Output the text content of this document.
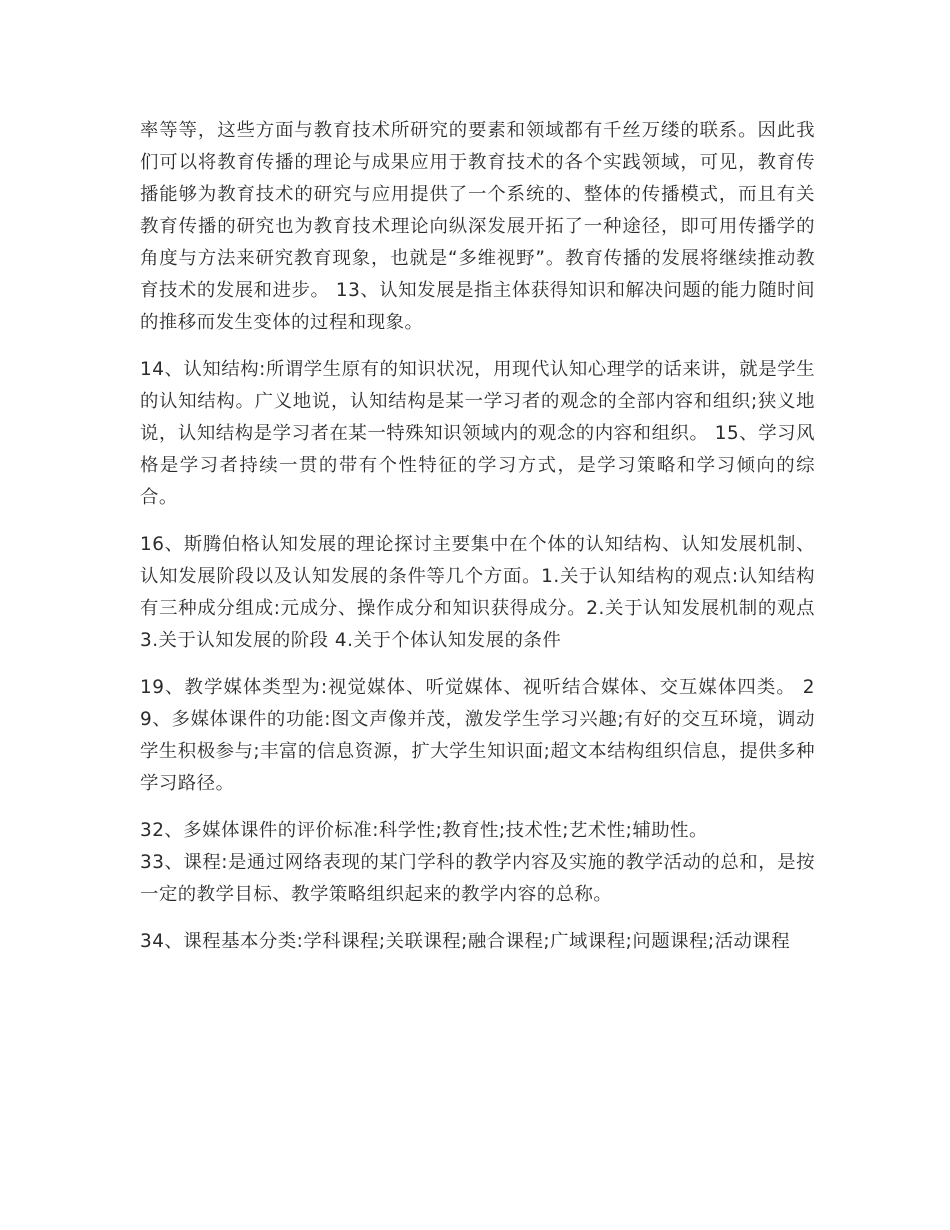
率等等，这些方面与教育技术所研究的要素和领域都有千丝万缕的联系。因此我们可以将教育传播的理论与成果应用于教育技术的各个实践领域，可见，教育传播能够为教育技术的研究与应用提供了一个系统的、整体的传播模式，而且有关教育传播的研究也为教育技术理论向纵深发展开拓了一种途径，即可用传播学的角度与方法来研究教育现象，也就是“多维视野”。教育传播的发展将继续推动教育技术的发展和进步。 13、认知发展是指主体获得知识和解决问题的能力随时间的推移而发生变体的过程和现象。

14、认知结构:所谓学生原有的知识状况，用现代认知心理学的话来讲，就是学生的认知结构。广义地说，认知结构是某一学习者的观念的全部内容和组织;狭义地说，认知结构是学习者在某一特殊知识领域内的观念的内容和组织。 15、学习风格是学习者持续一贯的带有个性特征的学习方式，是学习策略和学习倾向的综合。

16、斯腾伯格认知发展的理论探讨主要集中在个体的认知结构、认知发展机制、认知发展阶段以及认知发展的条件等几个方面。1.关于认知结构的观点:认知结构有三种成分组成:元成分、操作成分和知识获得成分。2.关于认知发展机制的观点 3.关于认知发展的阶段 4.关于个体认知发展的条件

19、教学媒体类型为:视觉媒体、听觉媒体、视听结合媒体、交互媒体四类。 29、多媒体课件的功能:图文声像并茂，激发学生学习兴趣;有好的交互环境，调动学生积极参与;丰富的信息资源，扩大学生知识面;超文本结构组织信息，提供多种学习路径。

32、多媒体课件的评价标准:科学性;教育性;技术性;艺术性;辅助性。

33、课程:是通过网络表现的某门学科的教学内容及实施的教学活动的总和，是按一定的教学目标、教学策略组织起来的教学内容的总称。

34、课程基本分类:学科课程;关联课程;融合课程;广域课程;问题课程;活动课程
